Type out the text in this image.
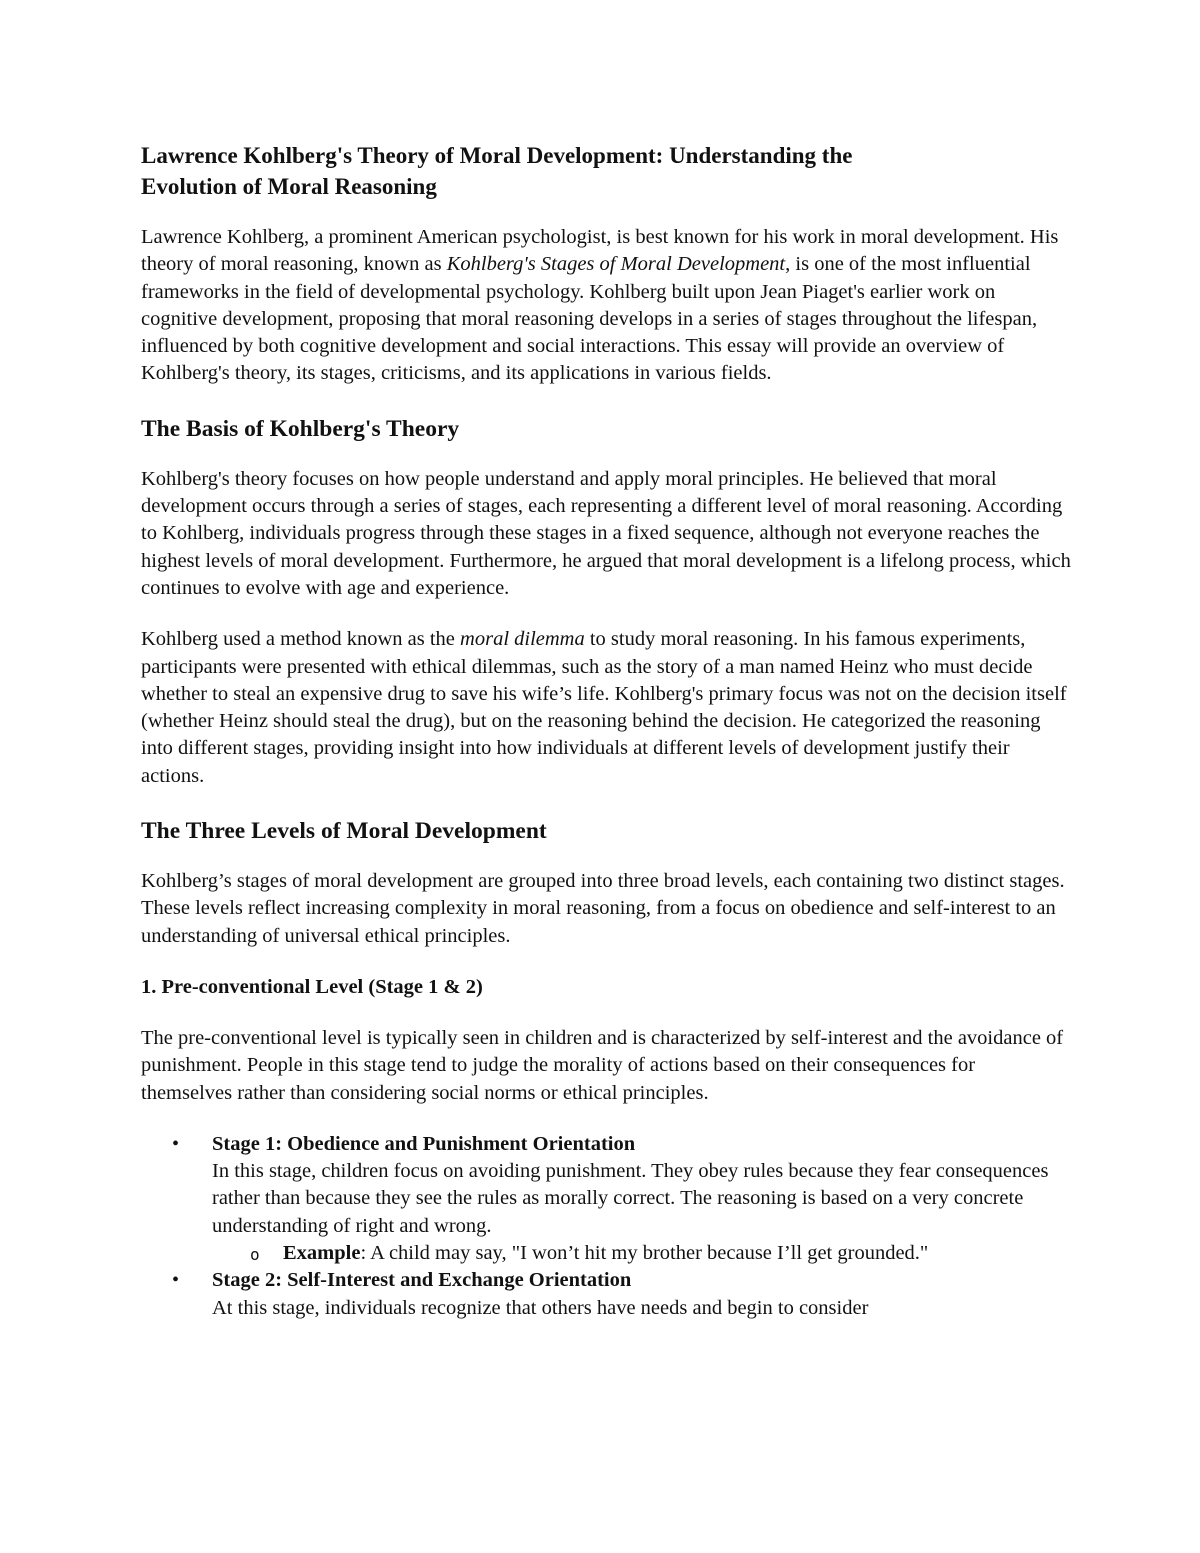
Lawrence Kohlberg's Theory of Moral Development: Understanding the
Evolution of Moral Reasoning

Lawrence Kohlberg, a prominent American psychologist, is best known for his work in moral development. His theory of moral reasoning, known as Kohlberg's Stages of Moral Development, is one of the most influential frameworks in the field of developmental psychology. Kohlberg built upon Jean Piaget's earlier work on cognitive development, proposing that moral reasoning develops in a series of stages throughout the lifespan, influenced by both cognitive development and social interactions. This essay will provide an overview of Kohlberg's theory, its stages, criticisms, and its applications in various fields.

The Basis of Kohlberg's Theory

Kohlberg's theory focuses on how people understand and apply moral principles. He believed that moral development occurs through a series of stages, each representing a different level of moral reasoning. According to Kohlberg, individuals progress through these stages in a fixed sequence, although not everyone reaches the highest levels of moral development. Furthermore, he argued that moral development is a lifelong process, which continues to evolve with age and experience.

Kohlberg used a method known as the moral dilemma to study moral reasoning. In his famous experiments, participants were presented with ethical dilemmas, such as the story of a man named Heinz who must decide whether to steal an expensive drug to save his wife’s life. Kohlberg's primary focus was not on the decision itself (whether Heinz should steal the drug), but on the reasoning behind the decision. He categorized the reasoning into different stages, providing insight into how individuals at different levels of development justify their actions.

The Three Levels of Moral Development

Kohlberg’s stages of moral development are grouped into three broad levels, each containing two distinct stages. These levels reflect increasing complexity in moral reasoning, from a focus on obedience and self-interest to an understanding of universal ethical principles.

1. Pre-conventional Level (Stage 1 & 2)

The pre-conventional level is typically seen in children and is characterized by self-interest and the avoidance of punishment. People in this stage tend to judge the morality of actions based on their consequences for themselves rather than considering social norms or ethical principles.

• Stage 1: Obedience and Punishment Orientation
In this stage, children focus on avoiding punishment. They obey rules because they fear consequences rather than because they see the rules as morally correct. The reasoning is based on a very concrete understanding of right and wrong.
o Example: A child may say, "I won’t hit my brother because I’ll get grounded."
• Stage 2: Self-Interest and Exchange Orientation
At this stage, individuals recognize that others have needs and begin to consider
